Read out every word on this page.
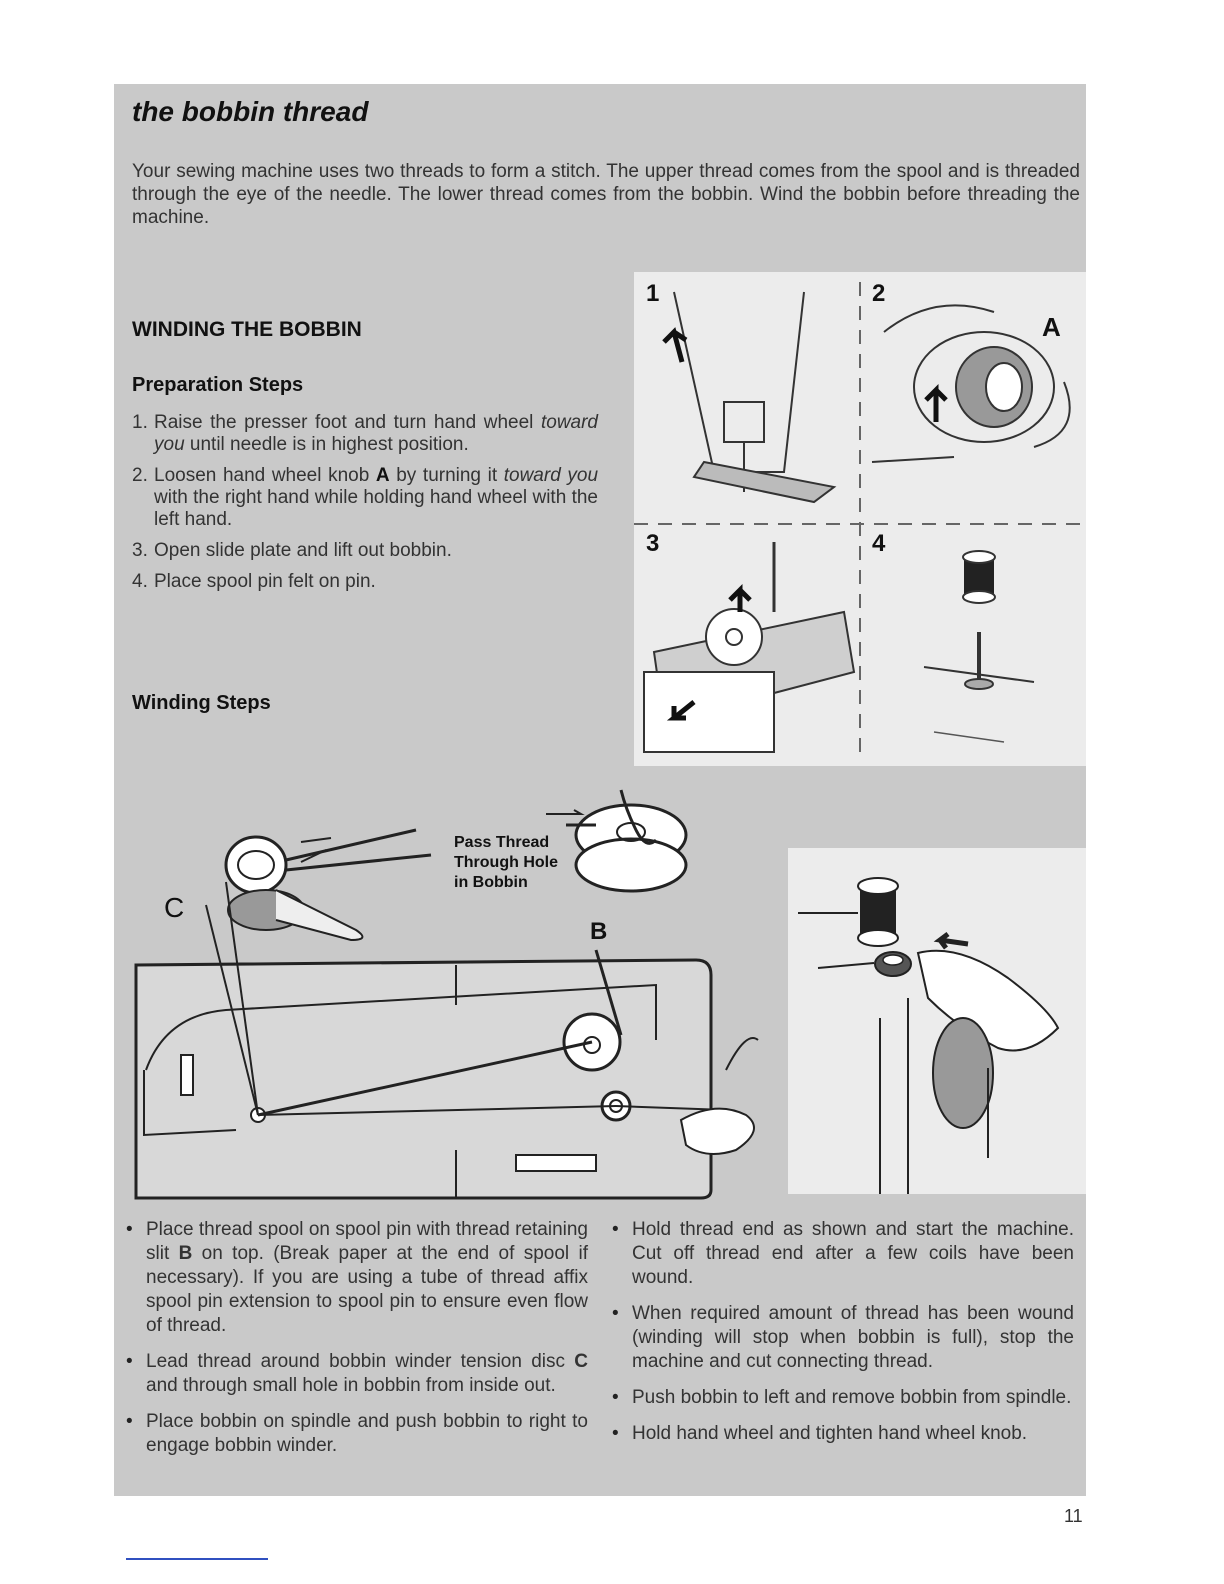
the bobbin thread
Your sewing machine uses two threads to form a stitch. The upper thread comes from the spool and is threaded through the eye of the needle. The lower thread comes from the bobbin. Wind the bobbin before threading the machine.
WINDING THE BOBBIN
Preparation Steps
1. Raise the presser foot and turn hand wheel toward you until needle is in highest position.
2. Loosen hand wheel knob A by turning it toward you with the right hand while holding hand wheel with the left hand.
3. Open slide plate and lift out bobbin.
4. Place spool pin felt on pin.
Winding Steps
1	2
3	4
A
C
B
Pass Thread
Through Hole
in Bobbin
• Place thread spool on spool pin with thread retaining slit B on top. (Break paper at the end of spool if necessary). If you are using a tube of thread affix spool pin extension to spool pin to ensure even flow of thread.
• Lead thread around bobbin winder tension disc C and through small hole in bobbin from inside out.
• Place bobbin on spindle and push bobbin to right to engage bobbin winder.
• Hold thread end as shown and start the machine. Cut off thread end after a few coils have been wound.
• When required amount of thread has been wound (winding will stop when bobbin is full), stop the machine and cut connecting thread.
• Push bobbin to left and remove bobbin from spindle.
• Hold hand wheel and tighten hand wheel knob.
11
